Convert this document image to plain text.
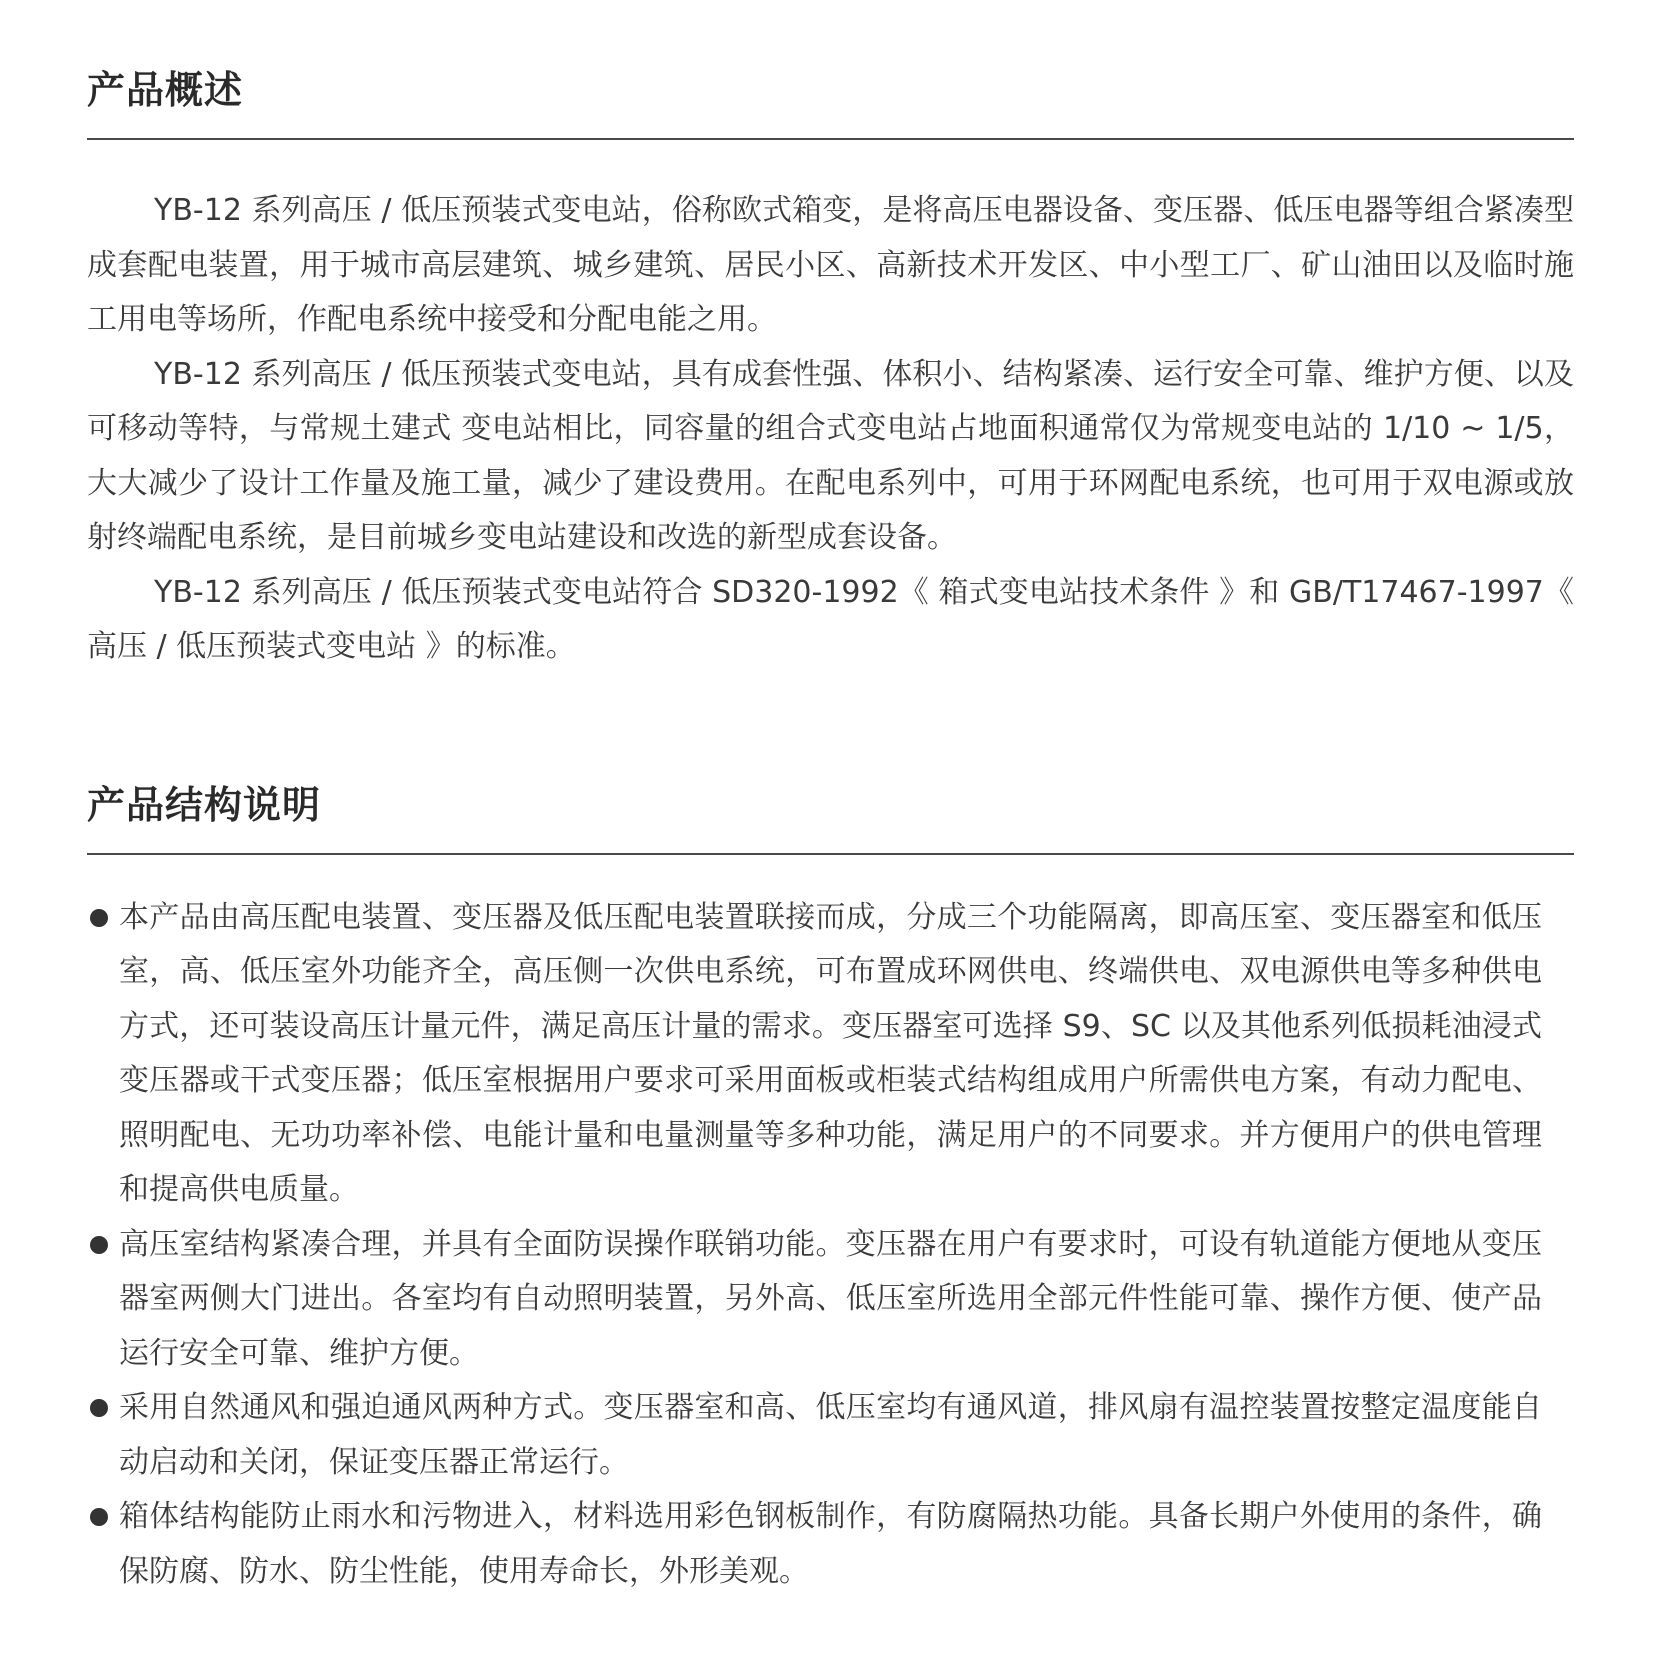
产品概述

YB-12 系列高压 / 低压预装式变电站，俗称欧式箱变，是将高压电器设备、变压器、低压电器等组合紧凑型成套配电装置，用于城市高层建筑、城乡建筑、居民小区、高新技术开发区、中小型工厂、矿山油田以及临时施工用电等场所，作配电系统中接受和分配电能之用。

YB-12 系列高压 / 低压预装式变电站，具有成套性强、体积小、结构紧凑、运行安全可靠、维护方便、以及可移动等特，与常规土建式 变电站相比，同容量的组合式变电站占地面积通常仅为常规变电站的 1/10 ~ 1/5，大大减少了设计工作量及施工量，减少了建设费用。在配电系列中，可用于环网配电系统，也可用于双电源或放射终端配电系统，是目前城乡变电站建设和改选的新型成套设备。

YB-12 系列高压 / 低压预装式变电站符合 SD320-1992《 箱式变电站技术条件 》和 GB/T17467-1997《 高压 / 低压预装式变电站 》的标准。

产品结构说明
本产品由高压配电装置、变压器及低压配电装置联接而成，分成三个功能隔离，即高压室、变压器室和低压室，高、低压室外功能齐全，高压侧一次供电系统，可布置成环网供电、终端供电、双电源供电等多种供电方式，还可装设高压计量元件，满足高压计量的需求。变压器室可选择 S9、SC 以及其他系列低损耗油浸式变压器或干式变压器；低压室根据用户要求可采用面板或柜装式结构组成用户所需供电方案，有动力配电、照明配电、无功功率补偿、电能计量和电量测量等多种功能，满足用户的不同要求。并方便用户的供电管理和提高供电质量。
高压室结构紧凑合理，并具有全面防误操作联销功能。变压器在用户有要求时，可设有轨道能方便地从变压器室两侧大门进出。各室均有自动照明装置，另外高、低压室所选用全部元件性能可靠、操作方便、使产品运行安全可靠、维护方便。
采用自然通风和强迫通风两种方式。变压器室和高、低压室均有通风道，排风扇有温控装置按整定温度能自动启动和关闭，保证变压器正常运行。
箱体结构能防止雨水和污物进入，材料选用彩色钢板制作，有防腐隔热功能。具备长期户外使用的条件，确保防腐、防水、防尘性能，使用寿命长，外形美观。
